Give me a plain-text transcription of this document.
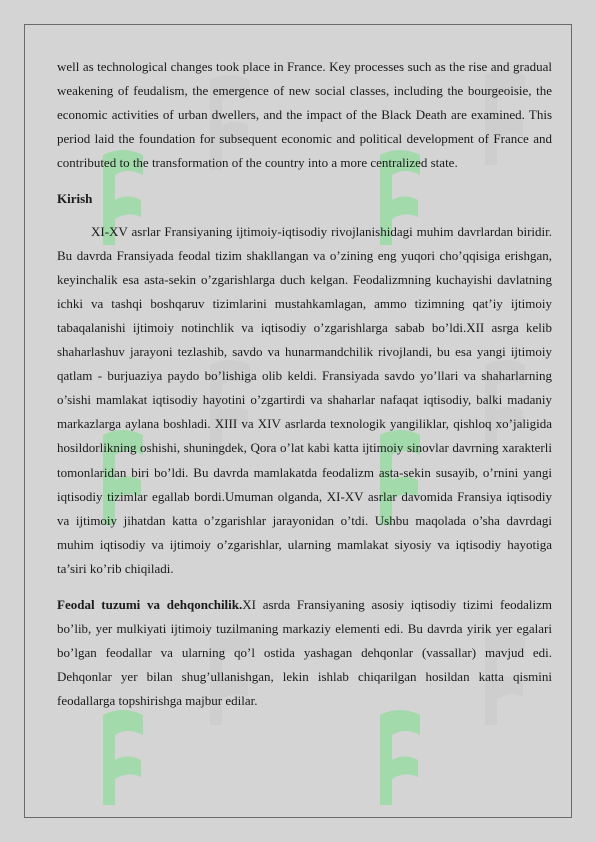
well as technological changes took place in France. Key processes such as the rise and gradual weakening of feudalism, the emergence of new social classes, including the bourgeoisie, the economic activities of urban dwellers, and the impact of the Black Death are examined. This period laid the foundation for subsequent economic and political development of France and contributed to the transformation of the country into a more centralized state.

Kirish

XI-XV asrlar Fransiyaning ijtimoiy-iqtisodiy rivojlanishidagi muhim davrlardan biridir. Bu davrda Fransiyada feodal tizim shakllangan va o’zining eng yuqori cho’qqisiga erishgan, keyinchalik esa asta-sekin o’zgarishlarga duch kelgan. Feodalizmning kuchayishi davlatning ichki va tashqi boshqaruv tizimlarini mustahkamlagan, ammo tizimning qat’iy ijtimoiy tabaqalanishi ijtimoiy notinchlik va iqtisodiy o’zgarishlarga sabab bo’ldi.XII asrga kelib shaharlashuv jarayoni tezlashib, savdo va hunarmandchilik rivojlandi, bu esa yangi ijtimoiy qatlam - burjuaziya paydo bo’lishiga olib keldi. Fransiyada savdo yo’llari va shaharlarning o’sishi mamlakat iqtisodiy hayotini o’zgartirdi va shaharlar nafaqat iqtisodiy, balki madaniy markazlarga aylana boshladi. XIII va XIV asrlarda texnologik yangiliklar, qishloq xo’jaligida hosildorlikning oshishi, shuningdek, Qora o’lat kabi katta ijtimoiy sinovlar davrning xarakterli tomonlaridan biri bo’ldi. Bu davrda mamlakatda feodalizm asta-sekin susayib, o’rnini yangi iqtisodiy tizimlar egallab bordi.Umuman olganda, XI-XV asrlar davomida Fransiya iqtisodiy va ijtimoiy jihatdan katta o’zgarishlar jarayonidan o’tdi. Ushbu maqolada o’sha davrdagi muhim iqtisodiy va ijtimoiy o’zgarishlar, ularning mamlakat siyosiy va iqtisodiy hayotiga ta’siri ko’rib chiqiladi.

Feodal tuzumi va dehqonchilik.XI asrda Fransiyaning asosiy iqtisodiy tizimi feodalizm bo’lib, yer mulkiyati ijtimoiy tuzilmaning markaziy elementi edi. Bu davrda yirik yer egalari bo’lgan feodallar va ularning qo’l ostida yashagan dehqonlar (vassallar) mavjud edi. Dehqonlar yer bilan shug’ullanishgan, lekin ishlab chiqarilgan hosildan katta qismini feodallarga topshirishga majbur edilar.
